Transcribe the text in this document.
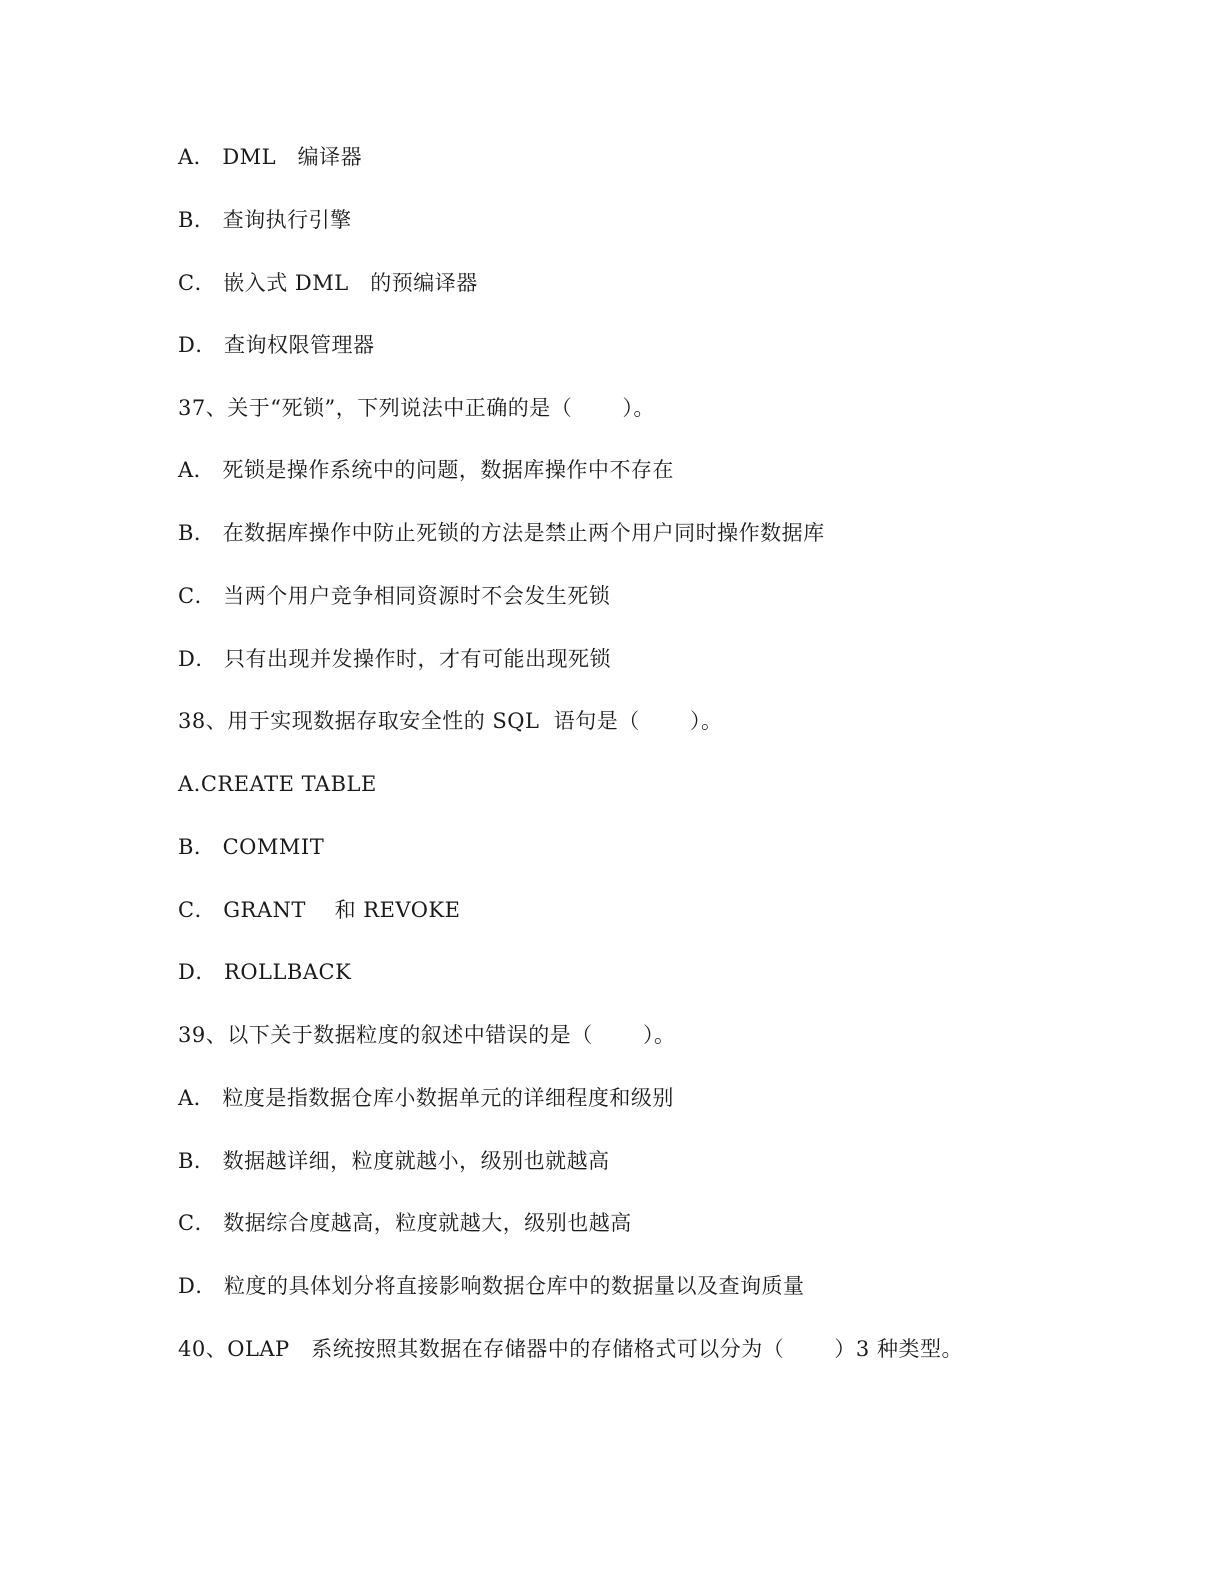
A． DML   编译器
B． 查询执行引擎
C． 嵌入式 DML   的预编译器
D． 查询权限管理器
37、关于“死锁”，下列说法中正确的是（       ）。
A． 死锁是操作系统中的问题，数据库操作中不存在
B． 在数据库操作中防止死锁的方法是禁止两个用户同时操作数据库
C． 当两个用户竞争相同资源时不会发生死锁
D． 只有出现并发操作时，才有可能出现死锁
38、用于实现数据存取安全性的 SQL  语句是（       ）。
A.CREATE TABLE
B． COMMIT
C． GRANT    和 REVOKE
D． ROLLBACK
39、以下关于数据粒度的叙述中错误的是（       ）。
A． 粒度是指数据仓库小数据单元的详细程度和级别
B． 数据越详细，粒度就越小，级别也就越高
C． 数据综合度越高，粒度就越大，级别也越高
D． 粒度的具体划分将直接影响数据仓库中的数据量以及查询质量
40、OLAP   系统按照其数据在存储器中的存储格式可以分为（       ）3 种类型。
